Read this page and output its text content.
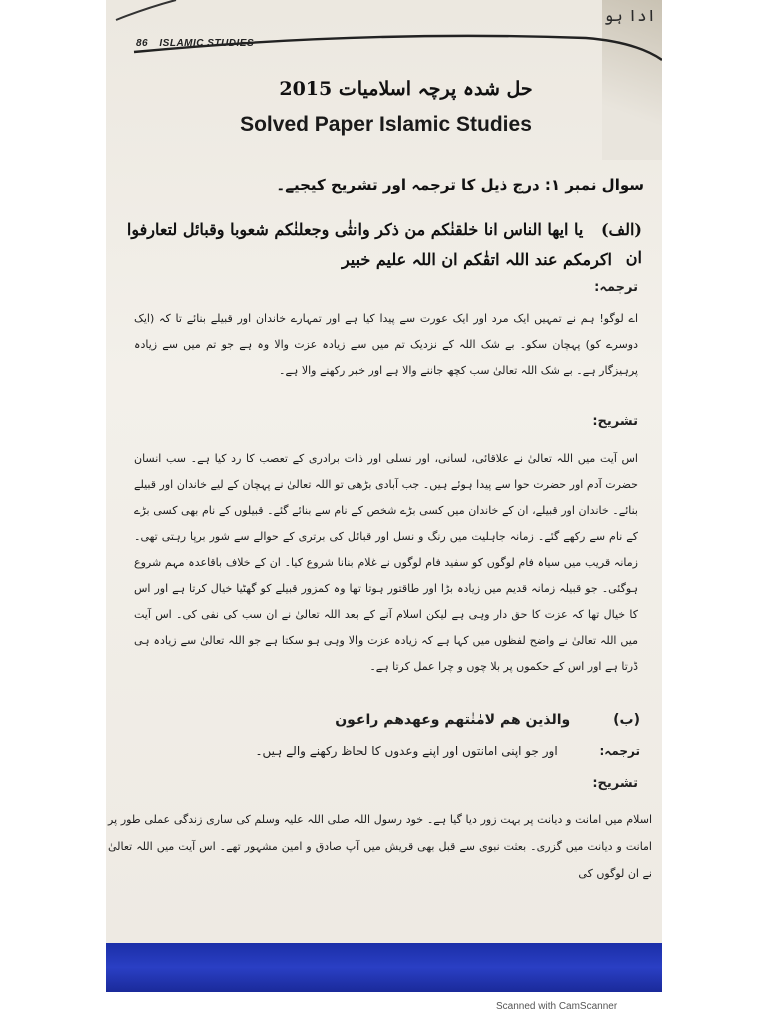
ادا ہو
86 ISLAMIC STUDIES
حل شدہ پرچہ اسلامیات 2015
Solved Paper Islamic Studies
سوال نمبر ۱: درج ذیل کا ترجمہ اور تشریح کیجیے۔
(الف) یا ایھا الناس انا خلقنٰکم من ذکر وانثٰی وجعلنٰکم شعوبا وقبائل لتعارفوا ان
اکرمکم عند اللہ اتقٰکم ان اللہ علیم خبیر
ترجمہ:
اے لوگو! ہم نے تمہیں ایک مرد اور ایک عورت سے پیدا کیا ہے اور تمہارے خاندان اور قبیلے بنائے تا کہ (ایک دوسرے کو) پہچان سکو۔ بے شک اللہ کے نزدیک تم میں سے زیادہ عزت والا وہ ہے جو تم میں سے زیادہ پرہیزگار ہے۔ بے شک اللہ تعالیٰ سب کچھ جاننے والا ہے اور خبر رکھنے والا ہے۔
تشریح:
اس آیت میں اللہ تعالیٰ نے علاقائی، لسانی، اور نسلی اور ذات برادری کے تعصب کا رد کیا ہے۔ سب انسان حضرت آدم اور حضرت حوا سے پیدا ہوئے ہیں۔ جب آبادی بڑھی تو اللہ تعالیٰ نے پہچان کے لیے خاندان اور قبیلے بنائے۔ خاندان اور قبیلے، ان کے خاندان میں کسی بڑے شخص کے نام سے بنائے گئے۔ قبیلوں کے نام بھی کسی بڑے کے نام سے رکھے گئے۔ زمانہ جاہلیت میں رنگ و نسل اور قبائل کی برتری کے حوالے سے شور برپا رہتی تھی۔ زمانہ قریب میں سیاہ فام لوگوں کو سفید فام لوگوں نے غلام بنانا شروع کیا۔ ان کے خلاف باقاعدہ مہم شروع ہوگئی۔ جو قبیلہ زمانہ قدیم میں زیادہ بڑا اور طاقتور ہوتا تھا وہ کمزور قبیلے کو گھٹیا خیال کرتا ہے اور اس کا خیال تھا کہ عزت کا حق دار وہی ہے لیکن اسلام آنے کے بعد اللہ تعالیٰ نے ان سب کی نفی کی۔ اس آیت میں اللہ تعالیٰ نے واضح لفظوں میں کہا ہے کہ زیادہ عزت والا وہی ہو سکتا ہے جو اللہ تعالیٰ سے زیادہ ہی ڈرتا ہے اور اس کے حکموں پر بلا چوں و چرا عمل کرتا ہے۔
(ب) والذین ھم لامٰنٰتھم وعھدھم راعون
ترجمہ: اور جو اپنی امانتوں اور اپنے وعدوں کا لحاظ رکھنے والے ہیں۔
تشریح:
اسلام میں امانت و دیانت پر بہت زور دیا گیا ہے۔ خود رسول اللہ صلی اللہ علیہ وسلم کی ساری زندگی عملی طور پر امانت و دیانت میں گزری۔ بعثت نبوی سے قبل بھی قریش میں آپ صادق و امین مشہور تھے۔ اس آیت میں اللہ تعالیٰ نے ان لوگوں کی
Scanned with CamScanner
